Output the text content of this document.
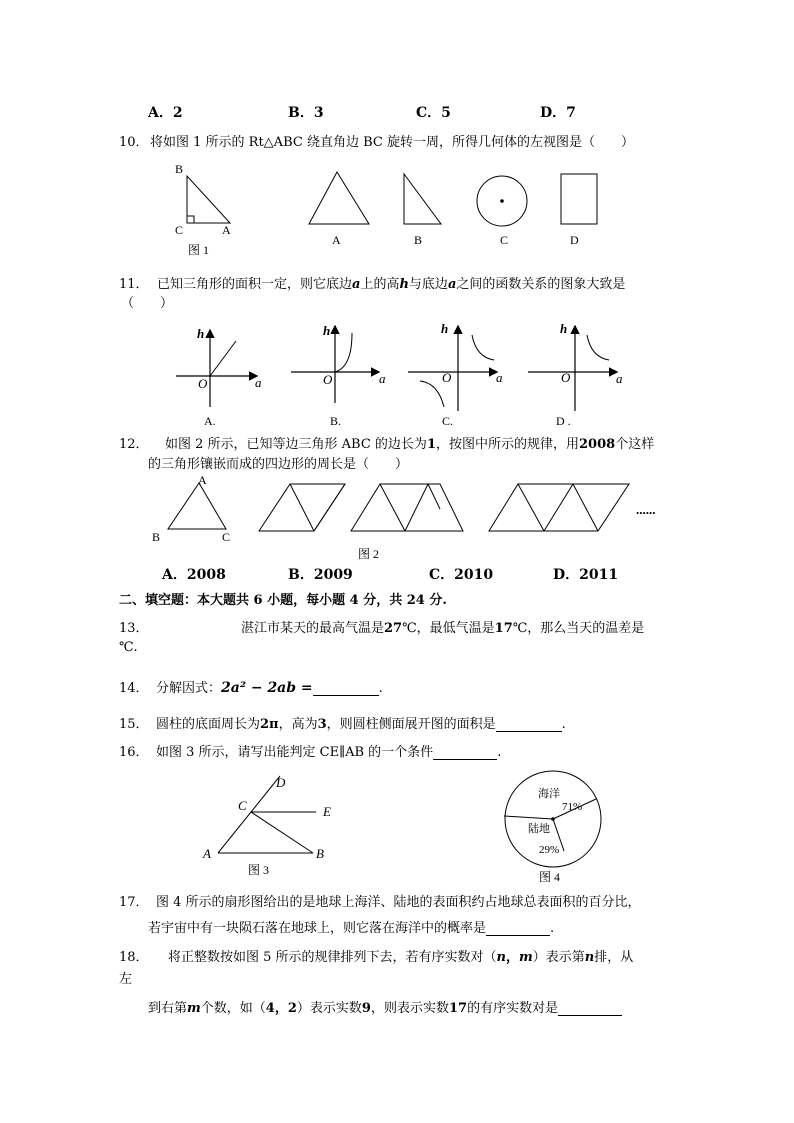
A．2	B．3	C．5	D．7
10． 将如图 1 所示的 Rt△ABC 绕直角边 BC 旋转一周，所得几何体的左视图是（　　）
B
C	A
图 1
A	B	C	D
11． 已知三角形的面积一定，则它底边a上的高h与底边a之间的函数关系的图象大致是
（　　）
h
O	a
h
O	a
h
O	a
h
O	a
A.	B.	C.	D .
12． 如图 2 所示，已知等边三角形 ABC 的边长为1，按图中所示的规律，用2008个这样
的三角形镶嵌而成的四边形的周长是（　　）
A
B	C
......
图 2
A．2008	B．2009	C．2010	D．2011
二、填空题：本大题共 6 小题，每小题 4 分，共 24 分.
13．	湛江市某天的最高气温是27℃，最低气温是17℃，那么当天的温差是
℃.
14． 分解因式：2a² − 2ab =	.
15． 圆柱的底面周长为2π，高为3，则圆柱侧面展开图的面积是	.
16． 如图 3 所示，请写出能判定 CE∥AB 的一个条件	.
D
C	E
A	B
图 3
海洋
71%
陆地
29%
图 4
17． 图 4 所示的扇形图给出的是地球上海洋、陆地的表面积约占地球总表面积的百分比，
若宇宙中有一块陨石落在地球上，则它落在海洋中的概率是	.
18． 将正整数按如图 5 所示的规律排列下去，若有序实数对（n，m）表示第n排，从
左
到右第m个数，如（4，2）表示实数9，则表示实数17的有序实数对是
